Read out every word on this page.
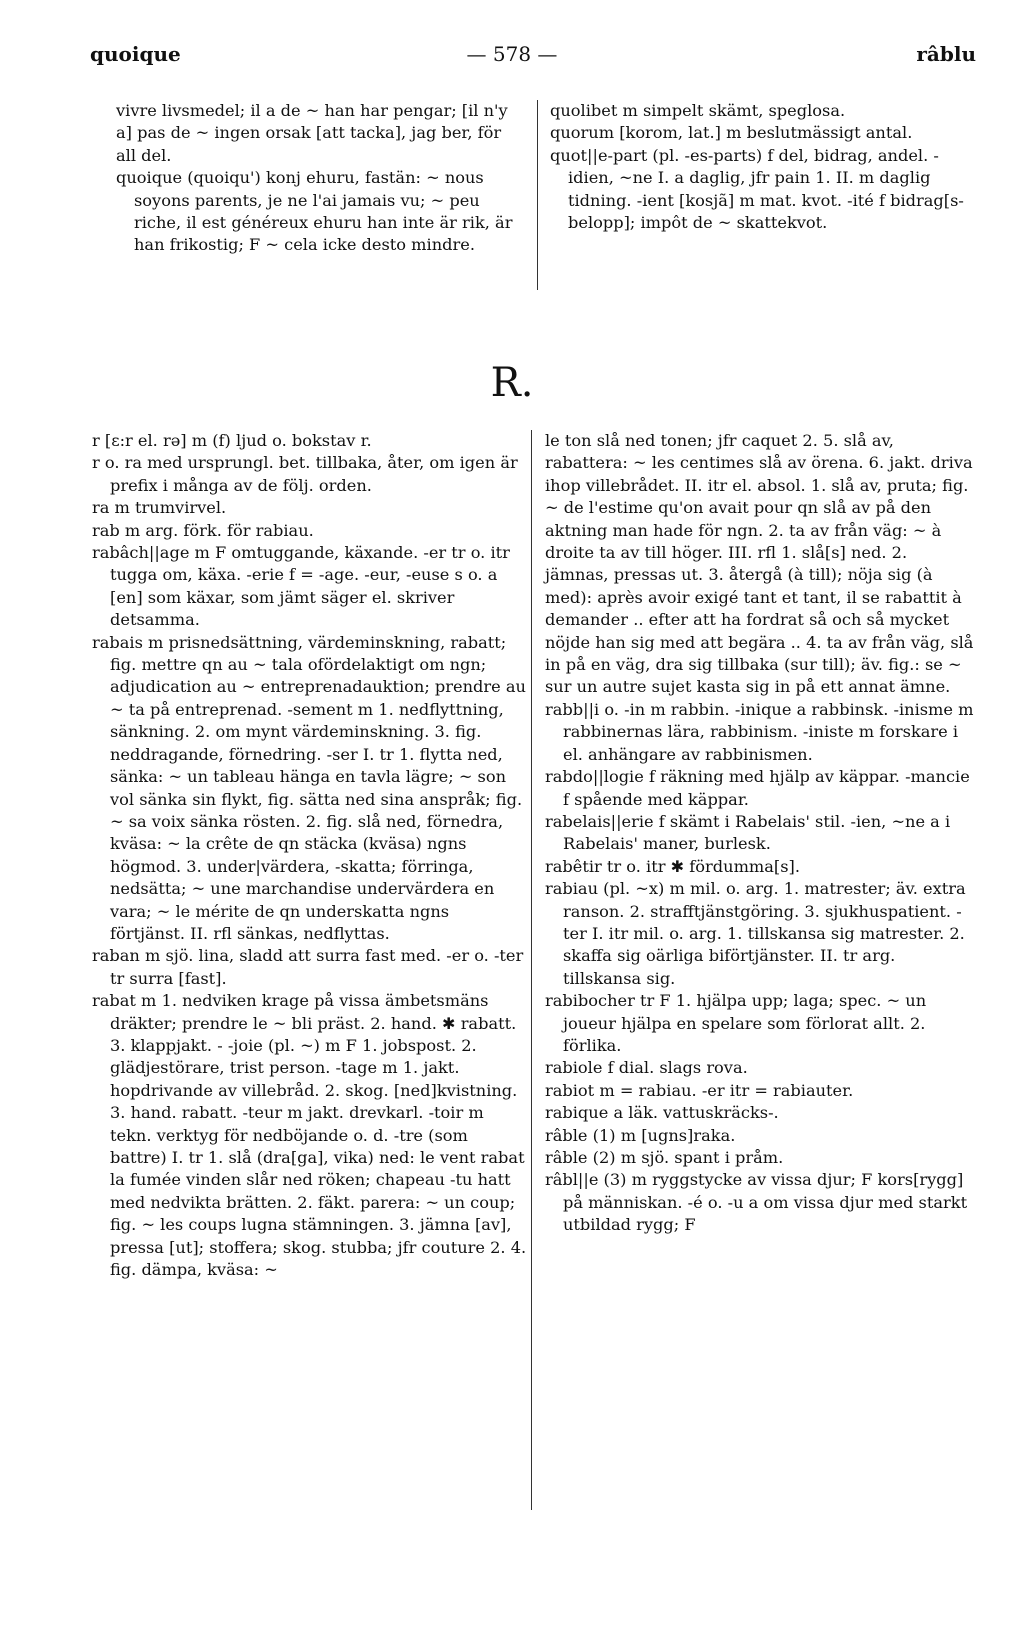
quoique	— 578 —	râblu

vivre livsmedel; il a de ~ han har pengar; [il n'y a] pas de ~ ingen orsak [att tacka], jag ber, för all del.

quoique (quoiqu') konj ehuru, fastän: ~ nous soyons parents, je ne l'ai jamais vu; ~ peu riche, il est généreux ehuru han inte är rik, är han frikostig; F ~ cela icke desto mindre.

quolibet m simpelt skämt, speglosa.

quorum [korom, lat.] m beslutmässigt antal.

quot||e-part (pl. -es-parts) f del, bidrag, andel. -idien, ~ne I. a daglig, jfr pain 1. II. m daglig tidning. -ient [kosjã] m mat. kvot. -ité f bidrag[s-belopp]; impôt de ~ skattekvot.

R.

r [ɛ:r el. rə] m (f) ljud o. bokstav r.

r o. ra med ursprungl. bet. tillbaka, åter, om igen är prefix i många av de följ. orden.

ra m trumvirvel.

rab m arg. förk. för rabiau.

rabâch||age m F omtuggande, käxande. -er tr o. itr tugga om, käxa. -erie f = -age. -eur, -euse s o. a [en] som käxar, som jämt säger el. skriver detsamma.

rabais m prisnedsättning, värdeminskning, rabatt; fig. mettre qn au ~ tala ofördelaktigt om ngn; adjudication au ~ entreprenadauktion; prendre au ~ ta på entreprenad. -sement m 1. nedflyttning, sänkning. 2. om mynt värdeminskning. 3. fig. neddragande, förnedring. -ser I. tr 1. flytta ned, sänka: ~ un tableau hänga en tavla lägre; ~ son vol sänka sin flykt, fig. sätta ned sina anspråk; fig. ~ sa voix sänka rösten. 2. fig. slå ned, förnedra, kväsa: ~ la crête de qn stäcka (kväsa) ngns högmod. 3. under|värdera, -skatta; förringa, nedsätta; ~ une marchandise undervärdera en vara; ~ le mérite de qn underskatta ngns förtjänst. II. rfl sänkas, nedflyttas.

raban m sjö. lina, sladd att surra fast med. -er o. -ter tr surra [fast].

rabat m 1. nedviken krage på vissa ämbetsmäns dräkter; prendre le ~ bli präst. 2. hand. ✱ rabatt. 3. klappjakt. - -joie (pl. ~) m F 1. jobspost. 2. glädjestörare, trist person. -tage m 1. jakt. hopdrivande av villebråd. 2. skog. [ned]kvistning. 3. hand. rabatt. -teur m jakt. drevkarl. -toir m tekn. verktyg för nedböjande o. d. -tre (som battre) I. tr 1. slå (dra[ga], vika) ned: le vent rabat la fumée vinden slår ned röken; chapeau -tu hatt med nedvikta brätten. 2. fäkt. parera: ~ un coup; fig. ~ les coups lugna stämningen. 3. jämna [av], pressa [ut]; stoffera; skog. stubba; jfr couture 2. 4. fig. dämpa, kväsa: ~

le ton slå ned tonen; jfr caquet 2. 5. slå av, rabattera: ~ les centimes slå av örena. 6. jakt. driva ihop villebrådet. II. itr el. absol. 1. slå av, pruta; fig. ~ de l'estime qu'on avait pour qn slå av på den aktning man hade för ngn. 2. ta av från väg: ~ à droite ta av till höger. III. rfl 1. slå[s] ned. 2. jämnas, pressas ut. 3. återgå (à till); nöja sig (à med): après avoir exigé tant et tant, il se rabattit à demander .. efter att ha fordrat så och så mycket nöjde han sig med att begära .. 4. ta av från väg, slå in på en väg, dra sig tillbaka (sur till); äv. fig.: se ~ sur un autre sujet kasta sig in på ett annat ämne.

rabb||i o. -in m rabbin. -inique a rabbinsk. -inisme m rabbinernas lära, rabbinism. -iniste m forskare i el. anhängare av rabbinismen.

rabdo||logie f räkning med hjälp av käppar. -mancie f spående med käppar.

rabelais||erie f skämt i Rabelais' stil. -ien, ~ne a i Rabelais' maner, burlesk.

rabêtir tr o. itr ✱ fördumma[s].

rabiau (pl. ~x) m mil. o. arg. 1. matrester; äv. extra ranson. 2. strafftjänstgöring. 3. sjukhuspatient. -ter I. itr mil. o. arg. 1. tillskansa sig matrester. 2. skaffa sig oärliga biförtjänster. II. tr arg. tillskansa sig.

rabibocher tr F 1. hjälpa upp; laga; spec. ~ un joueur hjälpa en spelare som förlorat allt. 2. förlika.

rabiole f dial. slags rova.

rabiot m = rabiau. -er itr = rabiauter.

rabique a läk. vattuskräcks-.

râble (1) m [ugns]raka.

râble (2) m sjö. spant i pråm.

râbl||e (3) m ryggstycke av vissa djur; F kors[rygg] på människan. -é o. -u a om vissa djur med starkt utbildad rygg; F
